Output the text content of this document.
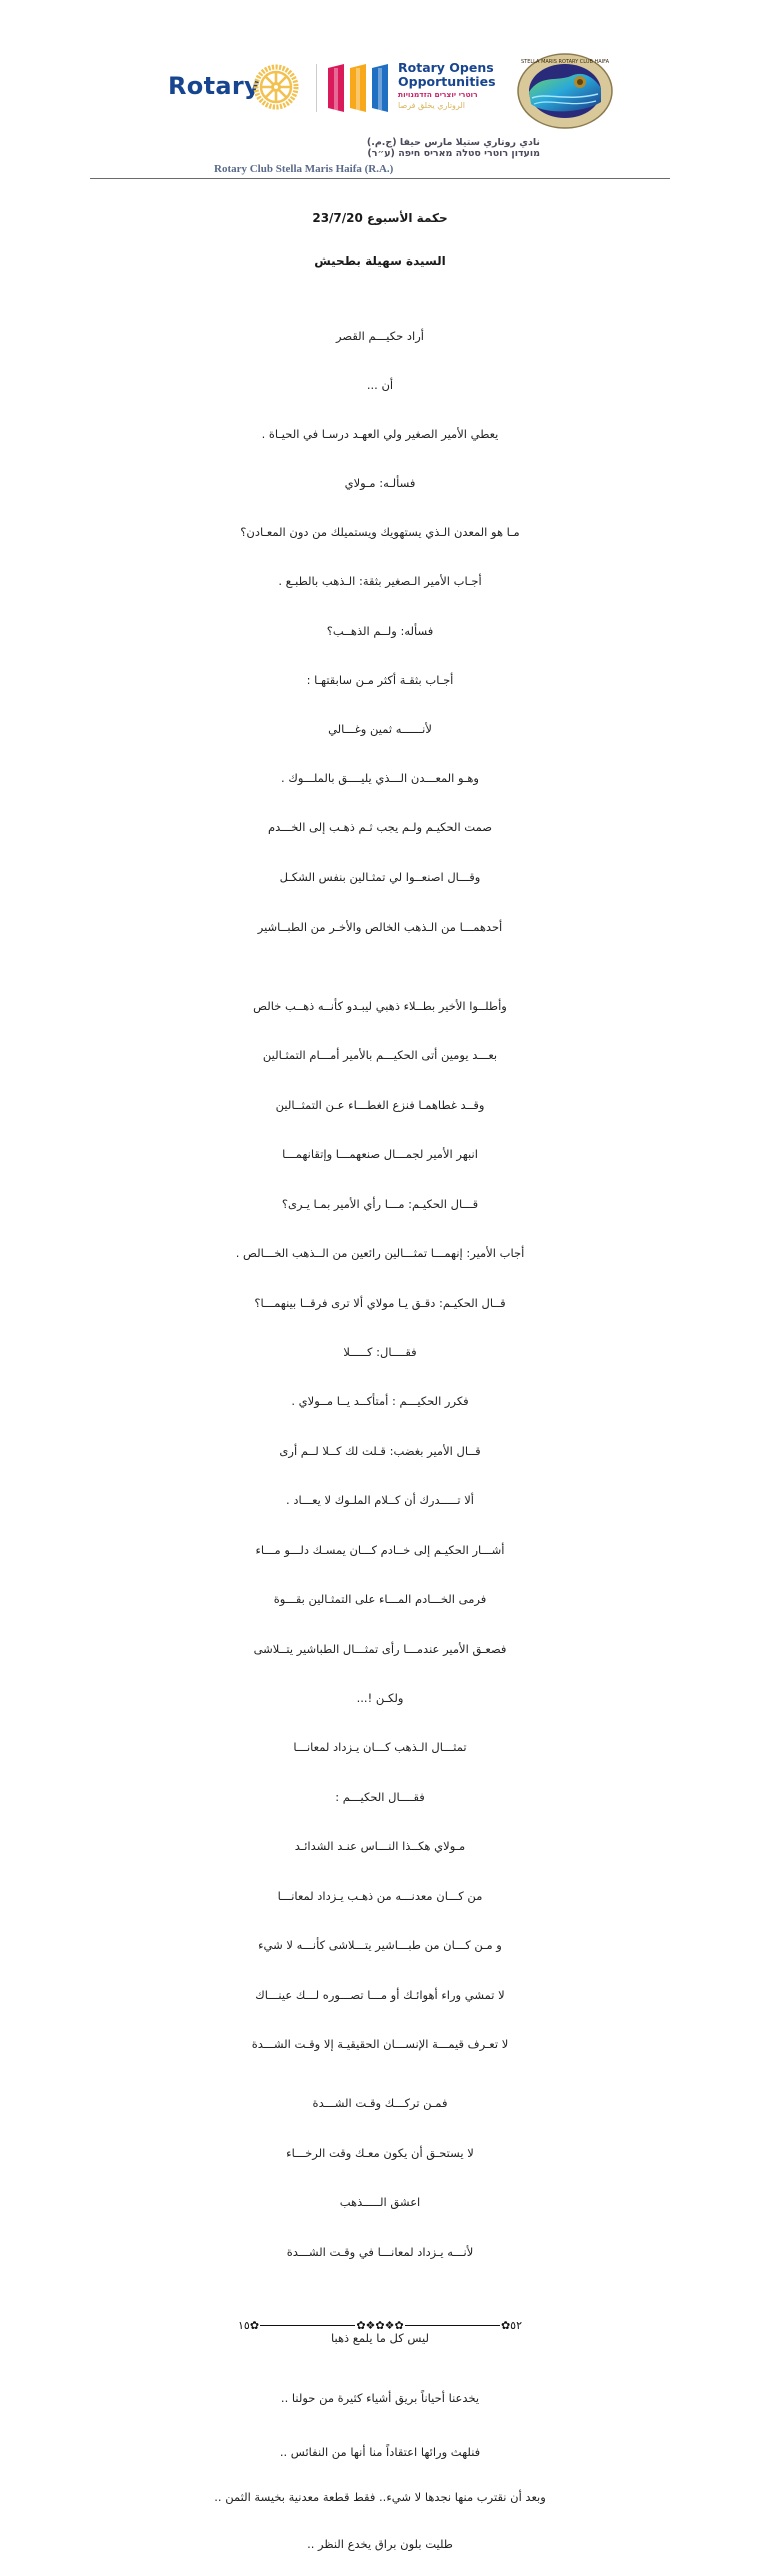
Rotary
Rotary Opens
Opportunities
רוטרי יוצרים הזדמנויות
الروتاري يخلق فرصا
STELLA MARIS ROTARY CLUB HAIFA
نادي روتاري ستيلا مارس حيفا (ج.م.)
מועדון רוטרי סטלה מאריס חיפה (ע״ר)
Rotary Club Stella Maris Haifa (R.A.)
حكمة الأسبوع 23/7/20
السيدة سهيلة بطحيش
أراد حكيـــم القصر
أن ...
يعطي الأمير الصغير ولي العهـد درسـا في الحيـاة .
فسألـه: مـولاي
مـا هو المعدن الـذي يستهويك ويستميلك من دون المعـادن؟
أجـاب الأمير الـصغير بثقة: الـذهب بالطبـع .
فسأله: ولــم الذهــب؟
أجـاب بثقـة أكثر مـن سابقتهـا :
لأنــــــه ثمين وغـــالي
وهـو المعـــدن الـــذي يليــــق بالملـــوك .
صمت الحكيـم ولـم يجب ثـم ذهـب إلى الخـــدم
وقـــال اصنعــوا لي تمثـالين بنفس الشكـل
أحدهمـــا من الـذهب الخالص والأخـر من الطبــاشير
وأطلــوا الأخير بطــلاء ذهبي ليبـدو كأنــه ذهــب خالص
بعـــد يومين أتى الحكيـــم بالأمير أمـــام التمثـالين
وقــد غطاهمـا فنزع الغطـــاء عـن التمثــالين
انبهر الأمير لجمـــال صنعهمـــا وإتقانهمـــا
قـــال الحكيـم: مـــا رأي الأمير بمـا يـرى؟
أجاب الأمير: إنهمـــا تمثـــالين رائعين من الــذهب الخـــالص .
قــال الحكيـم: دقـق يـا مولاي ألا ترى فرقــا بينهمـــا؟
فقــــال: كـــــلا
فكرر الحكيـــم : أمتأكــد يــا مــولاي .
قــال الأمير بغضب: قـلت لك كــلا لــم أرى
ألا تـــــدرك أن كــلام الملـوك لا يعـــاد .
أشـــار الحكيـم إلى خــادم كـــان يمسـك دلـــو مـــاء
فرمى الخـــادم المـــاء على التمثـالين بقـــوة
فصعـق الأمير عندمـــا رأى تمثـــال الطباشير يتــلاشى
ولكـن !...
تمثـــال الـذهب كـــان يـزداد لمعانـــا
فقــــال الحكيـــم :
مـولاي هكــذا النـــاس عنـد الشدائـد
من كـــان معدنـــه من ذهـب يـزداد لمعانـــا
و مـن كـــان من طبـــاشير يتـــلاشى كأنـــه لا شيء
لا تمشي وراء أهوائـك أو مـــا تصـــوره لـــك عينـــاك
لا تعـرف قيمـــة الإنســـان الحقيقيـة إلا وقـت الشـــدة
فمـن تركـــك وقـت الشـــدة
لا يستحـق أن يكون معـك وقت الرخـــاء
اعشق الـــــذهب
لأنـــه يـزداد لمعانـــا في وقـت الشـــدة
١٥ ✿	✿❖✿❖✿	✿ ٥٢
ليس كل ما يلمع ذهبا
يخدعنا أحياناً بريق أشياء كثيرة من حولنا ..
فنلهث ورائها اعتقاداً منا أنها من النفائس ..
وبعد أن نقترب منها نجدها لا شيء.. فقط قطعة معدنية بخيسة الثمن ..
طليت بلون براق يخدع النظر ..
